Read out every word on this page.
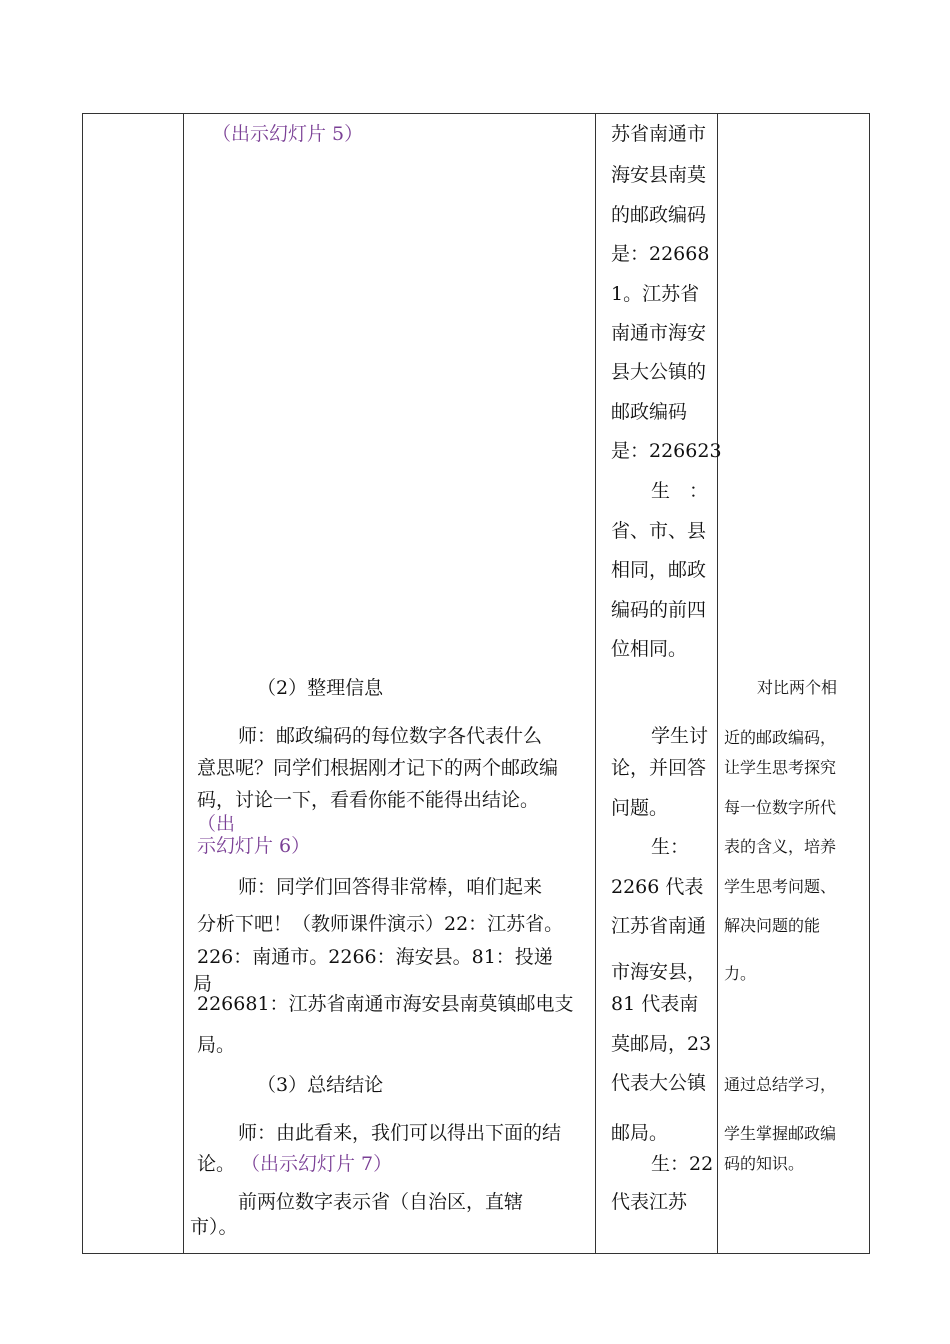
（出示幻灯片 5）
（2）整理信息
师：邮政编码的每位数字各代表什么
意思呢？同学们根据刚才记下的两个邮政编
码，讨论一下，看看你能不能得出结论。
（出
示幻灯片 6）
师：同学们回答得非常棒，咱们起来
分析下吧！（教师课件演示）22：江苏省。
226：南通市。2266：海安县。81：投递
局
226681：江苏省南通市海安县南莫镇邮电支
局。
（3）总结结论
师：由此看来，我们可以得出下面的结
论。 （出示幻灯片 7）
前两位数字表示省（自治区，直辖
市）。
苏省南通市
海安县南莫
的邮政编码
是：22668
1。江苏省
南通市海安
县大公镇的
邮政编码
是：226623
生　：
省、市、县
相同，邮政
编码的前四
位相同。
学生讨
论，并回答
问题。
生：
2266 代表
江苏省南通
市海安县，
81 代表南
莫邮局，23
代表大公镇
邮局。
生：22
代表江苏
对比两个相
近的邮政编码，
让学生思考探究
每一位数字所代
表的含义，培养
学生思考问题、
解决问题的能
力。
通过总结学习，
学生掌握邮政编
码的知识。
